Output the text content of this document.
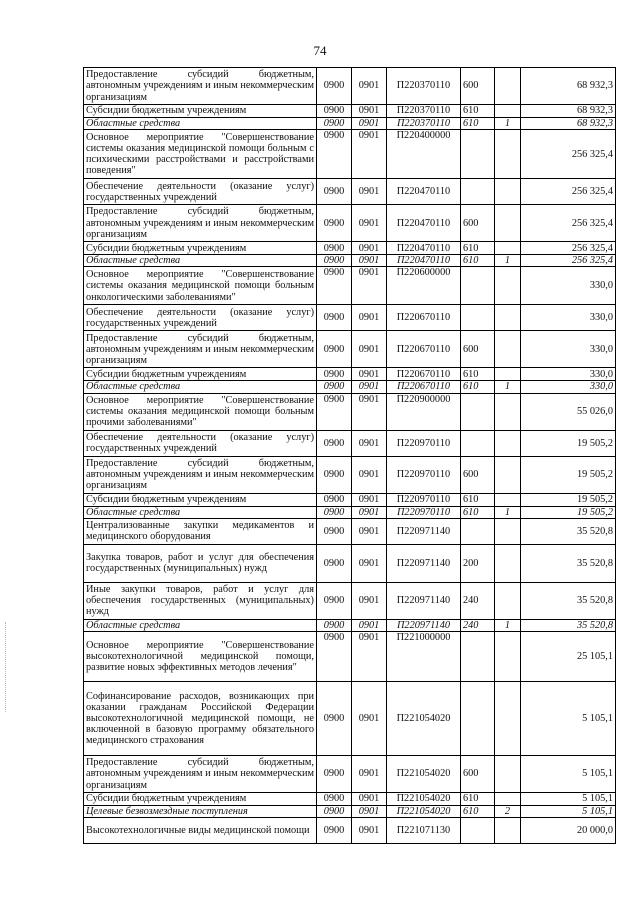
74
Предоставление субсидий бюджетным, автономным учреждениям и иным некоммерческим организациям	0900	0901	П220370110	600		68 932,3
Субсидии бюджетным учреждениям	0900	0901	П220370110	610		68 932,3
Областные средства	0900	0901	П220370110	610	1	68 932,3
Основное мероприятие "Совершенствование системы оказания медицинской помощи больным с психическими расстройствами и расстройствами поведения"	0900	0901	П220400000			256 325,4
Обеспечение деятельности (оказание услуг) государственных учреждений	0900	0901	П220470110			256 325,4
Предоставление субсидий бюджетным, автономным учреждениям и иным некоммерческим организациям	0900	0901	П220470110	600		256 325,4
Субсидии бюджетным учреждениям	0900	0901	П220470110	610		256 325,4
Областные средства	0900	0901	П220470110	610	1	256 325,4
Основное мероприятие "Совершенствование системы оказания медицинской помощи больным онкологическими заболеваниями"	0900	0901	П220600000			330,0
Обеспечение деятельности (оказание услуг) государственных учреждений	0900	0901	П220670110			330,0
Предоставление субсидий бюджетным, автономным учреждениям и иным некоммерческим организациям	0900	0901	П220670110	600		330,0
Субсидии бюджетным учреждениям	0900	0901	П220670110	610		330,0
Областные средства	0900	0901	П220670110	610	1	330,0
Основное мероприятие "Совершенствование системы оказания медицинской помощи больным прочими заболеваниями"	0900	0901	П220900000			55 026,0
Обеспечение деятельности (оказание услуг) государственных учреждений	0900	0901	П220970110			19 505,2
Предоставление субсидий бюджетным, автономным учреждениям и иным некоммерческим организациям	0900	0901	П220970110	600		19 505,2
Субсидии бюджетным учреждениям	0900	0901	П220970110	610		19 505,2
Областные средства	0900	0901	П220970110	610	1	19 505,2
Централизованные закупки медикаментов и медицинского оборудования	0900	0901	П220971140			35 520,8
Закупка товаров, работ и услуг для обеспечения государственных (муниципальных) нужд	0900	0901	П220971140	200		35 520,8
Иные закупки товаров, работ и услуг для обеспечения государственных (муниципальных) нужд	0900	0901	П220971140	240		35 520,8
Областные средства	0900	0901	П220971140	240	1	35 520,8
Основное мероприятие "Совершенствование высокотехнологичной медицинской помощи, развитие новых эффективных методов лечения"	0900	0901	П221000000			25 105,1
Софинансирование расходов, возникающих при оказании гражданам Российской Федерации высокотехнологичной медицинской помощи, не включенной в базовую программу обязательного медицинского страхования	0900	0901	П221054020			5 105,1
Предоставление субсидий бюджетным, автономным учреждениям и иным некоммерческим организациям	0900	0901	П221054020	600		5 105,1
Субсидии бюджетным учреждениям	0900	0901	П221054020	610		5 105,1
Целевые безвозмездные поступления	0900	0901	П221054020	610	2	5 105,1
Высокотехнологичные виды медицинской помощи	0900	0901	П221071130			20 000,0
